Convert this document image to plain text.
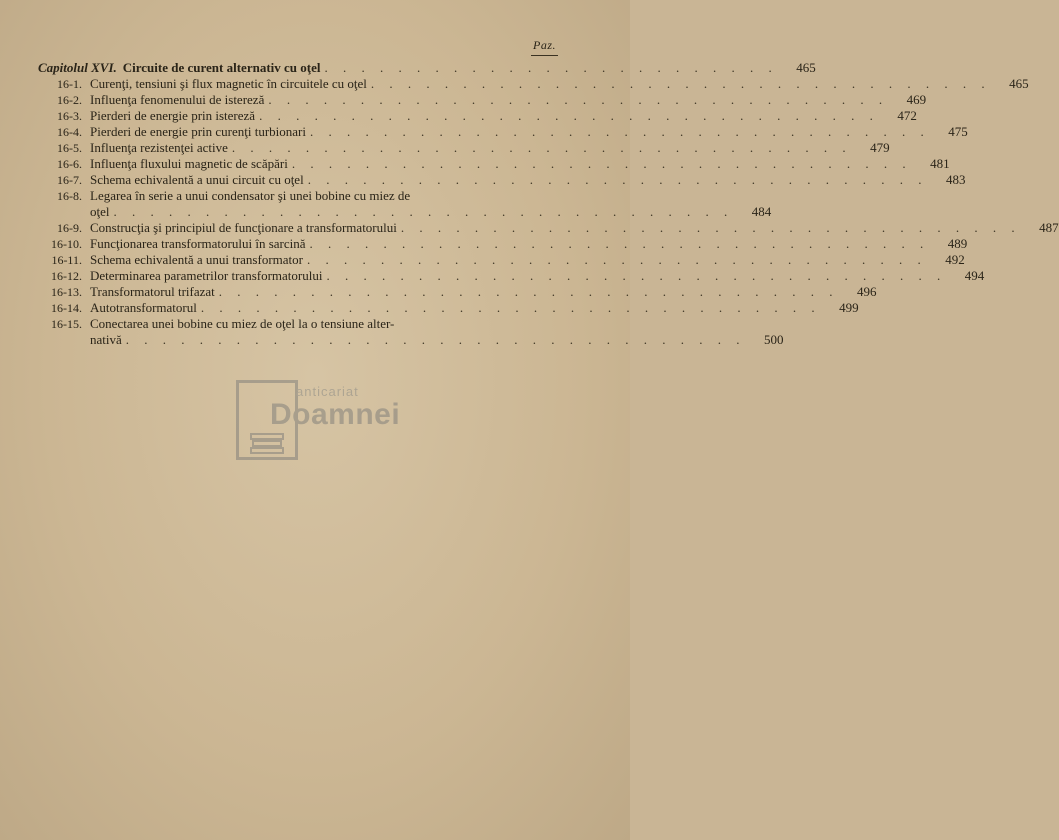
Paz.
Capitolul XVI. Circuite de curent alternativ cu oţel . . . . . . . . . . . . . . . . . . . . . . . . .	465
16-1. Curenţi, tensiuni şi flux magnetic în circuitele cu oţel . . . . . . . . . . . . . . . . . . . . . . . . . . . . . . . . . .	465
16-2. Influenţa fenomenului de istereză . . . . . . . . . . . . . . . . . . . . . . . . . . . . . . . . . .	469
16-3. Pierderi de energie prin istereză . . . . . . . . . . . . . . . . . . . . . . . . . . . . . . . . . .	472
16-4. Pierderi de energie prin curenţi turbionari . . . . . . . . . . . . . . . . . . . . . . . . . . . . . . . . . .	475
16-5. Influenţa rezistenţei active . . . . . . . . . . . . . . . . . . . . . . . . . . . . . . . . . .	479
16-6. Influenţa fluxului magnetic de scăpări . . . . . . . . . . . . . . . . . . . . . . . . . . . . . . . . . .	481
16-7. Schema echivalentă a unui circuit cu oţel . . . . . . . . . . . . . . . . . . . . . . . . . . . . . . . . . .	483
16-8. Legarea în serie a unui condensator şi unei bobine cu miez de
oţel . . . . . . . . . . . . . . . . . . . . . . . . . . . . . . . . . .	484
16-9. Construcţia şi principiul de funcţionare a transformatorului . . . . . . . . . . . . . . . . . . . . . . . . . . . . . . . . . .	487
16-10. Funcţionarea transformatorului în sarcină . . . . . . . . . . . . . . . . . . . . . . . . . . . . . . . . . .	489
16-11. Schema echivalentă a unui transformator . . . . . . . . . . . . . . . . . . . . . . . . . . . . . . . . . .	492
16-12. Determinarea parametrilor transformatorului . . . . . . . . . . . . . . . . . . . . . . . . . . . . . . . . . .	494
16-13. Transformatorul trifazat . . . . . . . . . . . . . . . . . . . . . . . . . . . . . . . . . .	496
16-14. Autotransformatorul . . . . . . . . . . . . . . . . . . . . . . . . . . . . . . . . . .	499
16-15. Conectarea unei bobine cu miez de oţel la o tensiune alter-
nativă . . . . . . . . . . . . . . . . . . . . . . . . . . . . . . . . . .	500
anticariat
Doamnei
